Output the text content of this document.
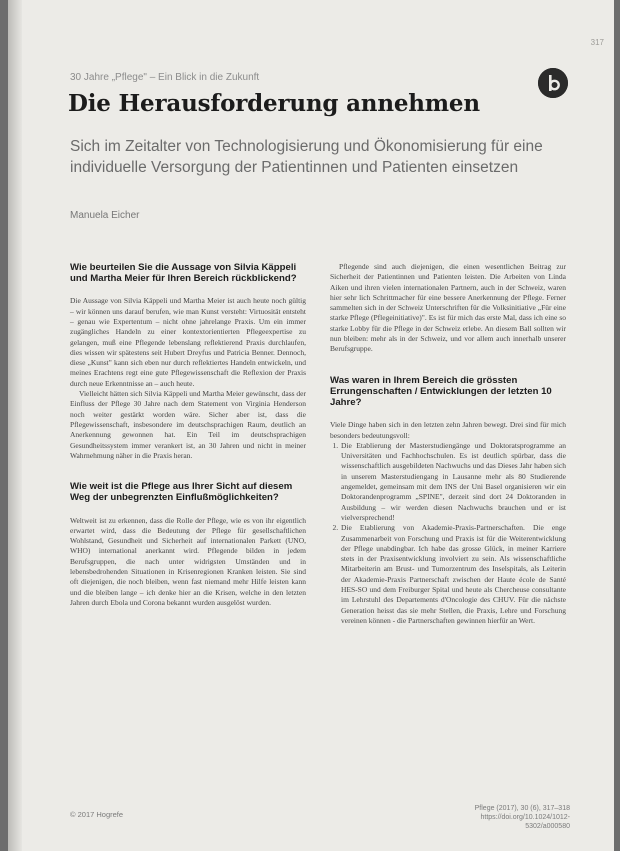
317
30 Jahre „Pflege" – Ein Blick in die Zukunft
Die Herausforderung annehmen
Sich im Zeitalter von Technologisierung und Ökonomisierung für eine individuelle Versorgung der Patientinnen und Patienten einsetzen
Manuela Eicher

Wie beurteilen Sie die Aussage von Silvia Käppeli und Martha Meier für Ihren Bereich rückblickend?

Die Aussage von Silvia Käppeli und Martha Meier ist auch heute noch gültig – wir können uns darauf berufen, wie man Kunst versteht: Virtuosität entsteht – genau wie Expertentum – nicht ohne jahrelange Praxis. Um ein immer zugängliches Handeln zu einer kontextorientierten Pflegeexpertise zu gelangen, muß eine Pflegende lebenslang reflektierend Praxis durchlaufen, dies wissen wir spätestens seit Hubert Dreyfus und Patricia Benner. Dennoch, diese „Kunst" kann sich eben nur durch reflektiertes Handeln entwickeln, und meines Erachtens regt eine gute Pflegewissenschaft die Reflexion der Praxis durch neue Erkenntnisse an – auch heute.

Vielleicht hätten sich Silvia Käppeli und Martha Meier gewünscht, dass der Einfluss der Pflege 30 Jahre nach dem Statement von Virginia Henderson noch weiter gestärkt worden wäre. Sicher aber ist, dass die Pflegewissenschaft, insbesondere im deutschsprachigen Raum, deutlich an Anerkennung gewonnen hat. Ein Teil im deutschsprachigen Gesundheitssystem immer verankert ist, an 30 Jahren und nicht in meiner Wahrnehmung näher in die Praxis heran.

Wie weit ist die Pflege aus Ihrer Sicht auf diesem Weg der unbegrenzten Einflußmöglichkeiten?

Weltweit ist zu erkennen, dass die Rolle der Pflege, wie es von ihr eigentlich erwartet wird, dass die Bedeutung der Pflege für gesellschaftlichen Wohlstand, Gesundheit und Sicherheit auf internationalen Parkett (UNO, WHO) international anerkannt wird. Pflegende bilden in jedem Berufsgruppen, die nach unter widrigsten Umständen und in lebensbedrohenden Situationen in Krisenregionen Kranken leisten. Sie sind oft diejenigen, die noch bleiben, wenn fast niemand mehr Hilfe leisten kann und die bleiben lange – ich denke hier an die Krisen, welche in den letzten Jahren durch Ebola und Corona bekannt wurden ausgelöst wurden.

Pflegende sind auch diejenigen, die einen wesentlichen Beitrag zur Sicherheit der Patientinnen und Patienten leisten. Die Arbeiten von Linda Aiken und ihren vielen internationalen Partnern, auch in der Schweiz, waren hier sehr lich Schrittmacher für eine bessere Anerkennung der Pflege. Ferner sammelten sich in der Schweiz Unterschriften für die Volksinitiative „Für eine starke Pflege (Pflegeinitiative)". Es ist für mich das erste Mal, dass ich eine so starke Lobby für die Pflege in der Schweiz erlebe. An diesem Ball sollten wir nun bleiben: mehr als in der Schweiz, und vor allem auch innerhalb unserer Berufsgruppe.

Was waren in Ihrem Bereich die grössten Errungenschaften / Entwicklungen der letzten 10 Jahre?

Viele Dinge haben sich in den letzten zehn Jahren bewegt. Drei sind für mich besonders bedeutungsvoll:

1. Die Etablierung der Masterstudiengänge und Doktoratsprogramme an Universitäten und Fachhochschulen. Es ist deutlich spürbar, dass die wissenschaftlich ausgebildeten Nachwuchs und das Dieses Jahr haben sich in unserem Masterstudiengang in Lausanne mehr als 80 Studierende angemeldet, gemeinsam mit dem INS der Uni Basel organisieren wir ein Doktorandenprogramm „SPINE", derzeit sind dort 24 Doktoranden in Ausbildung – wir werden diesen Nachwuchs brauchen und er ist vielversprechend!
2. Die Etablierung von Akademie-Praxis-Partnerschaften. Die enge Zusammenarbeit von Forschung und Praxis ist für die Weiterentwicklung der Pflege unabdingbar. Ich habe das grosse Glück, in meiner Karriere stets in der Praxisentwicklung involviert zu sein. Als wissenschaftliche Mitarbeiterin am Brust- und Tumorzentrum des Inselspitals, als Leiterin der Akademie-Praxis Partnerschaft zwischen der Haute école de Santé HES-SO und dem Freiburger Spital und heute als Chercheuse consultante im Lehrstuhl des Departements d'Oncologie des CHUV. Für die nächste Generation heisst das sie mehr Stellen, die Praxis, Lehre und Forschung vereinen können - die Partnerschaften gewinnen hierfür an Wert.
© 2017 Hogrefe
Pflege (2017), 30 (6), 317–318
https://doi.org/10.1024/1012-5302/a000580
